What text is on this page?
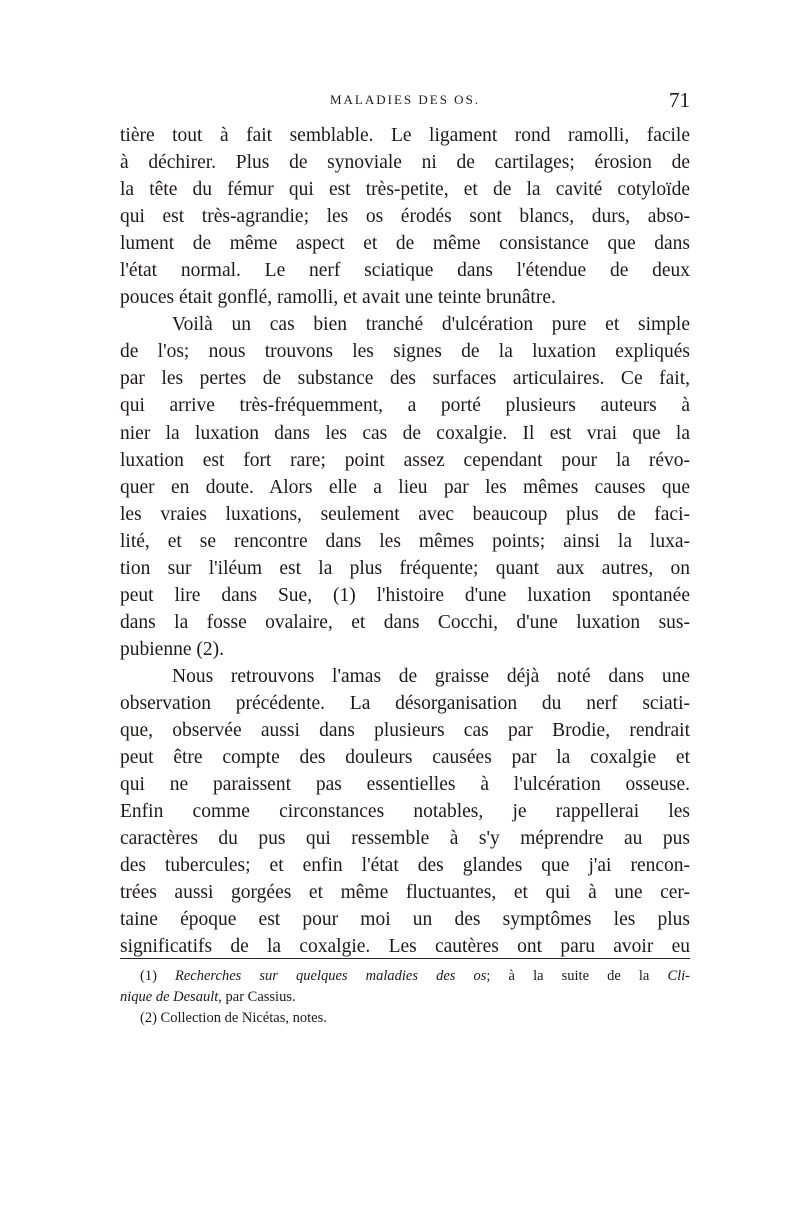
MALADIES DES OS.	71
tière tout à fait semblable. Le ligament rond ramolli, facile
à déchirer. Plus de synoviale ni de cartilages; érosion de
la tête du fémur qui est très-petite, et de la cavité cotyloïde
qui est très-agrandie; les os érodés sont blancs, durs, abso-
lument de même aspect et de même consistance que dans
l'état normal. Le nerf sciatique dans l'étendue de deux
pouces était gonflé, ramolli, et avait une teinte brunâtre.
Voilà un cas bien tranché d'ulcération pure et simple
de l'os; nous trouvons les signes de la luxation expliqués
par les pertes de substance des surfaces articulaires. Ce fait,
qui arrive très-fréquemment, a porté plusieurs auteurs à
nier la luxation dans les cas de coxalgie. Il est vrai que la
luxation est fort rare; point assez cependant pour la révo-
quer en doute. Alors elle a lieu par les mêmes causes que
les vraies luxations, seulement avec beaucoup plus de faci-
lité, et se rencontre dans les mêmes points; ainsi la luxa-
tion sur l'iléum est la plus fréquente; quant aux autres, on
peut lire dans Sue, (1) l'histoire d'une luxation spontanée
dans la fosse ovalaire, et dans Cocchi, d'une luxation sus-
pubienne (2).
Nous retrouvons l'amas de graisse déjà noté dans une
observation précédente. La désorganisation du nerf sciati-
que, observée aussi dans plusieurs cas par Brodie, rendrait
peut être compte des douleurs causées par la coxalgie et
qui ne paraissent pas essentielles à l'ulcération osseuse.
Enfin comme circonstances notables, je rappellerai les
caractères du pus qui ressemble à s'y méprendre au pus
des tubercules; et enfin l'état des glandes que j'ai rencon-
trées aussi gorgées et même fluctuantes, et qui à une cer-
taine époque est pour moi un des symptômes les plus
significatifs de la coxalgie. Les cautères ont paru avoir eu
(1) Recherches sur quelques maladies des os; à la suite de la Cli-
nique de Desault, par Cassius.
(2) Collection de Nicétas, notes.
